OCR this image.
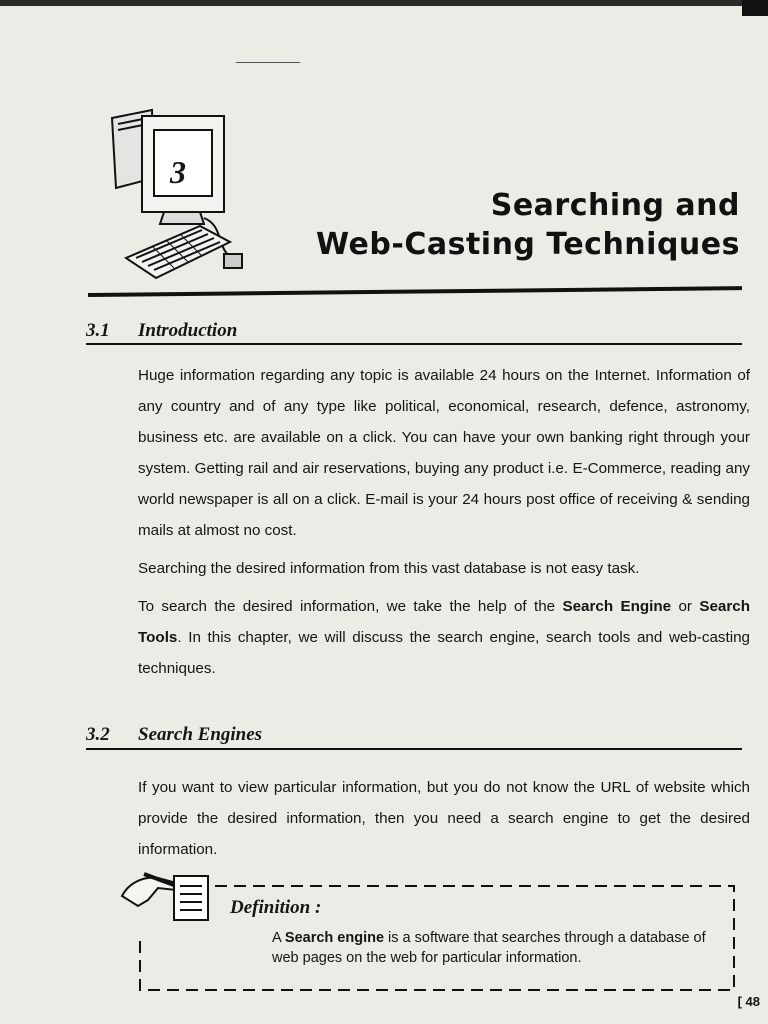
3
Searching and
Web-Casting Techniques
3.1 Introduction
Huge information regarding any topic is available 24 hours on the Internet. Information of any country and of any type like political, economical, research, defence, astronomy, business etc. are available on a click. You can have your own banking right through your system. Getting rail and air reservations, buying any product i.e. E-Commerce, reading any world newspaper is all on a click. E-mail is your 24 hours post office of receiving & sending mails at almost no cost.
Searching the desired information from this vast database is not easy task.
To search the desired information, we take the help of the Search Engine or Search Tools. In this chapter, we will discuss the search engine, search tools and web-casting techniques.
3.2 Search Engines
If you want to view particular information, but you do not know the URL of website which provide the desired information, then you need a search engine to get the desired information.
Definition :
A Search engine is a software that searches through a database of web pages on the web for particular information.
[ 48
